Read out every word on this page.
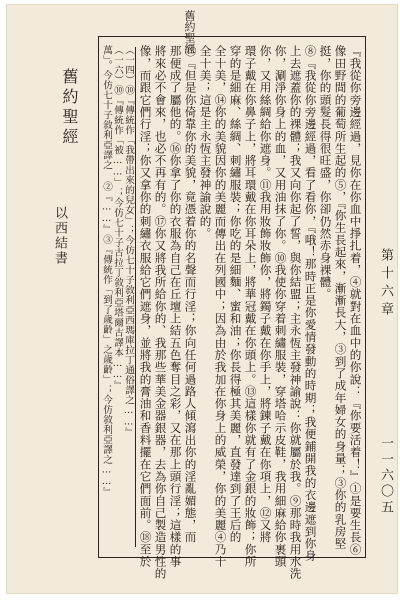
舊約聖經
舊約聖經
以西結書	『我從你旁邊經過，見你在你血中掙扎着，④就對在血中的你說：『你要活着！』①是要生長⑥
像田野間的葡萄所生起的⑤，『你生長起來，漸漸長大，③到了成年婦女的身量；③你的乳房堅
挺，你的頭髮長得很旺盛，你卻仍然赤身裸體。
⑧『我從你旁邊經過，看了看你，『哦！那時正是你愛情發動的時期；我便鋪開我的衣邊遮到你身
上去遮蓋你的裸體；我又向你起了誓，與你結盟；主永恆主發神諭說：你就屬於我。⑨那時我用水洗
你，涮淨你身上的血，又用油抹了你。⑩我使你穿着刺繡服裝，穿塔哈示皮鞋，我用細麻給你裹頭
你，又用絲綢給你遮身。⑪我用妝飾妝飾你，將鐲子戴在你手上，將鍊子戴在你項上，⑫又將
環子戴在你鼻子上，將耳環戴在你耳朵上，將華冠戴在你頭上。⑬這樣你就有了金銀的妝飾；你所
穿的是細麻、絲綢、刺繡服裝；你吃的是細麵、蜜和油；你長得極其美麗，直發達到了王后的
全十美，⑭你的美貌因你的美麗而傳出在列國中；因為由於我加在你身上的威榮，你的美麗④乃十
全十美；這是主永恆主發神諭說的。
⑮『但是你倚靠你的美貌，竟憑着你的名聲而行淫；你向任何過路人傾瀉出你的淫亂媚態，而
那便成了屬他的。⑯你拿了你的衣服為自己在丘壇上結五色奪目之彩，又在那上頭行淫；這樣的事
將來必不會來，也必不再有的。⑰你又將我所給你的、我那些華美金器銀器，去為你自己製造男性的
像，而跟它們行淫；你又拿你的刺繡衣服給它們遮身，並將我的膏油和香料擺在它們面前。⑱至於
（一四）⑩『傳統作「我帶出來的兒女」；今仿七十子敘利亞西瑪庫拉丁通俗譯之……』
（一六）⑩『傳統作「被……」；今仿七十子古拉丁敘利亞塔爾古譯本……』
萬」。今仿七十子敘利亞譯之 ②『……』③『傳統作「到了歲齡」之歲齡」；今仿敘利亞譯之……』	第十六章
一一六〇五
